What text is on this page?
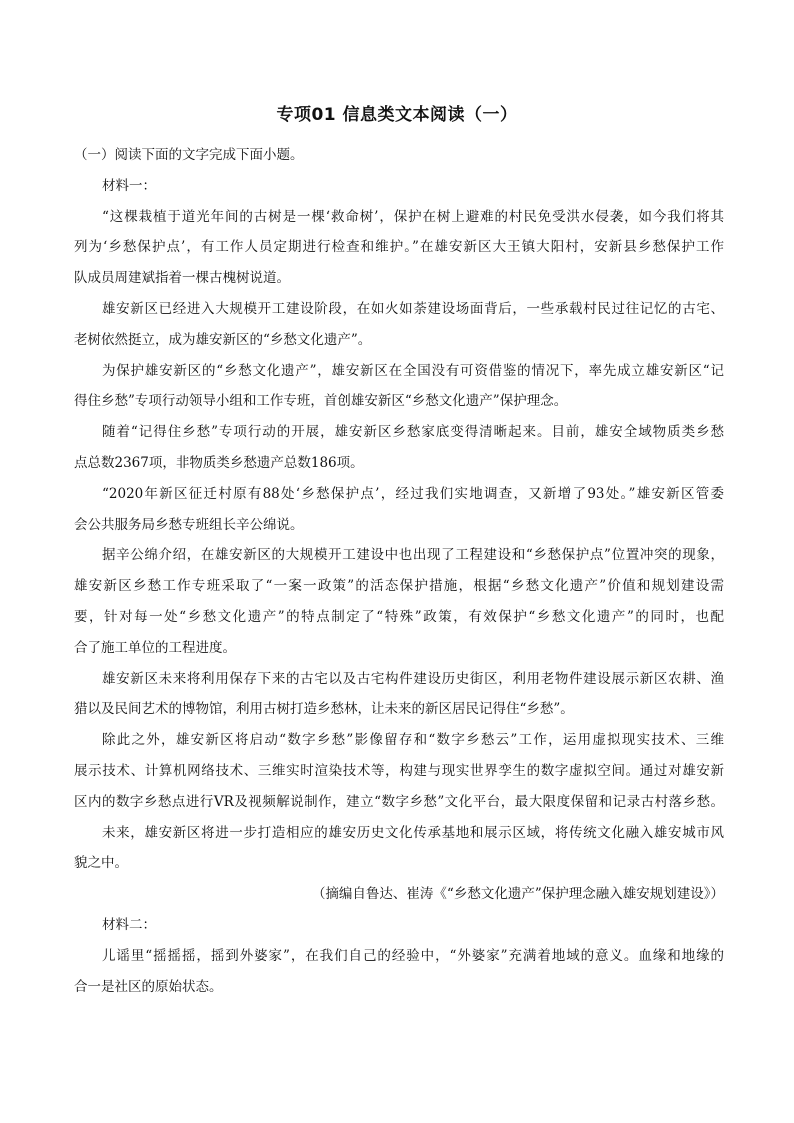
专项01 信息类文本阅读（一）
（一）阅读下面的文字完成下面小题。
材料一：
“这棵栽植于道光年间的古树是一棵‘救命树’，保护在树上避难的村民免受洪水侵袭，如今我们将其
列为‘乡愁保护点’，有工作人员定期进行检查和维护。”在雄安新区大王镇大阳村，安新县乡愁保护工作
队成员周建斌指着一棵古槐树说道。
雄安新区已经进入大规模开工建设阶段，在如火如荼建设场面背后，一些承载村民过往记忆的古宅、
老树依然挺立，成为雄安新区的“乡愁文化遗产”。
为保护雄安新区的“乡愁文化遗产”，雄安新区在全国没有可资借鉴的情况下，率先成立雄安新区“记
得住乡愁”专项行动领导小组和工作专班，首创雄安新区“乡愁文化遗产”保护理念。
随着“记得住乡愁”专项行动的开展，雄安新区乡愁家底变得清晰起来。目前，雄安全域物质类乡愁
点总数2367项，非物质类乡愁遗产总数186项。
“2020年新区征迁村原有88处‘乡愁保护点’，经过我们实地调查，又新增了93处。”雄安新区管委
会公共服务局乡愁专班组长辛公绵说。
据辛公绵介绍，在雄安新区的大规模开工建设中也出现了工程建设和“乡愁保护点”位置冲突的现象，
雄安新区乡愁工作专班采取了“一案一政策”的活态保护措施，根据“乡愁文化遗产”价值和规划建设需
要，针对每一处“乡愁文化遗产”的特点制定了“特殊”政策，有效保护“乡愁文化遗产”的同时，也配
合了施工单位的工程进度。
雄安新区未来将利用保存下来的古宅以及古宅构件建设历史街区，利用老物件建设展示新区农耕、渔
猎以及民间艺术的博物馆，利用古树打造乡愁林，让未来的新区居民记得住“乡愁”。
除此之外，雄安新区将启动“数字乡愁”影像留存和“数字乡愁云”工作，运用虚拟现实技术、三维
展示技术、计算机网络技术、三维实时渲染技术等，构建与现实世界孪生的数字虚拟空间。通过对雄安新
区内的数字乡愁点进行VR及视频解说制作，建立“数字乡愁”文化平台，最大限度保留和记录古村落乡愁。
未来，雄安新区将进一步打造相应的雄安历史文化传承基地和展示区域，将传统文化融入雄安城市风
貌之中。
（摘编自鲁达、崔涛《“乡愁文化遗产”保护理念融入雄安规划建设》）
材料二：
儿谣里“摇摇摇，摇到外婆家”，在我们自己的经验中，“外婆家”充满着地域的意义。血缘和地缘的
合一是社区的原始状态。
